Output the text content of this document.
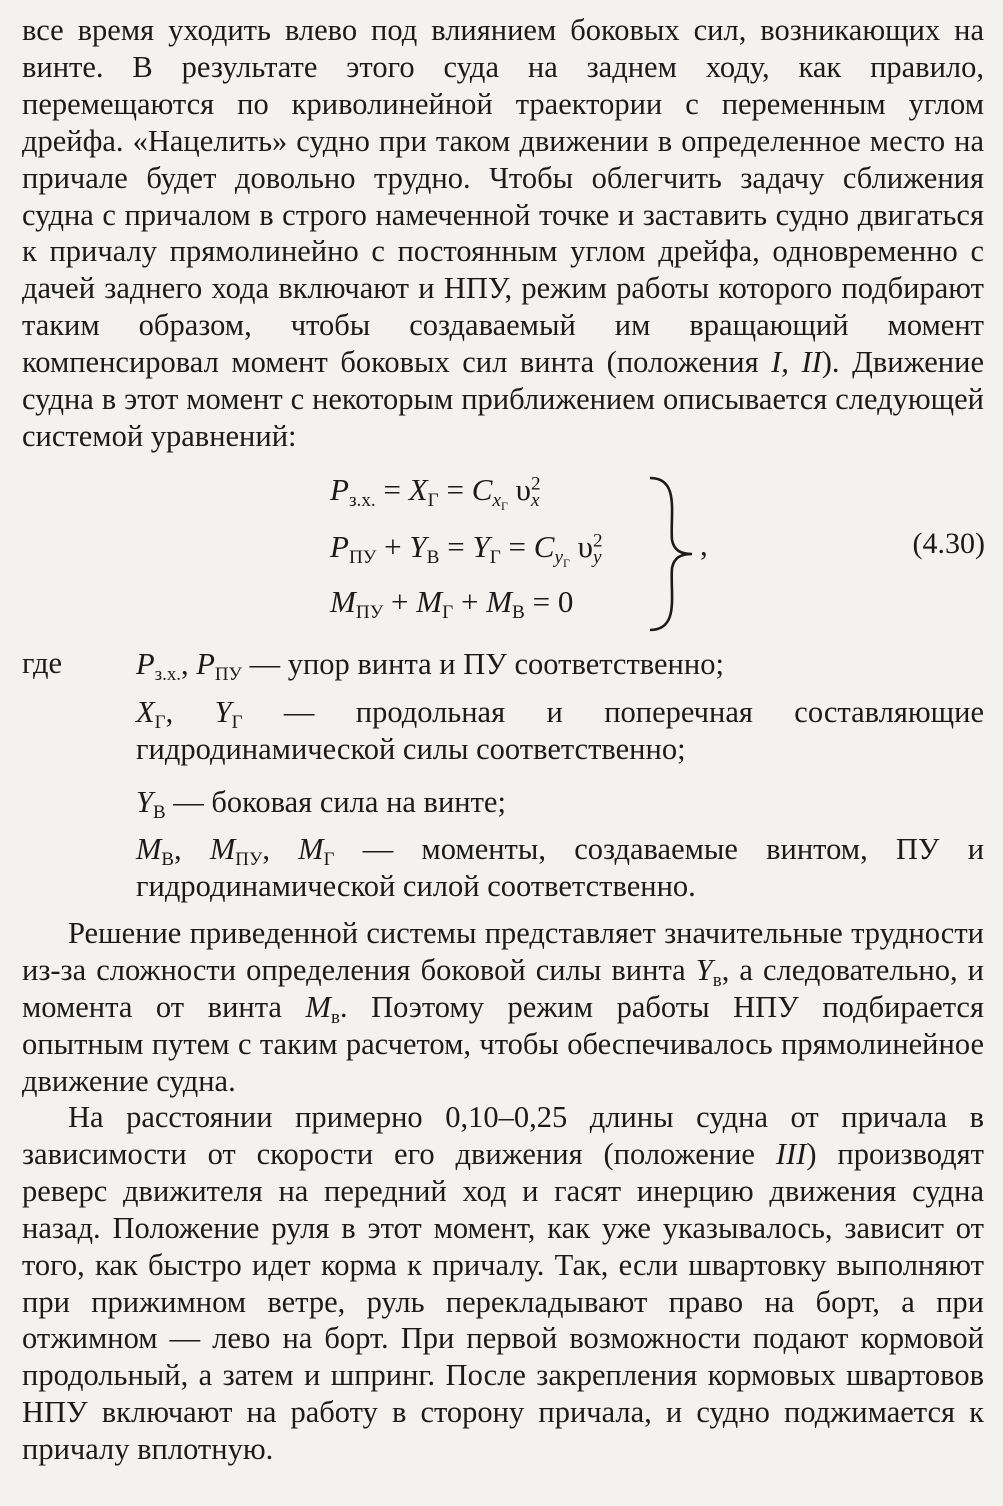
все время уходить влево под влиянием боковых сил, возникающих на винте. В результате этого суда на заднем ходу, как правило, перемещаются по криволинейной траектории с переменным углом дрейфа. «Нацелить» судно при таком движении в определенное место на причале будет довольно трудно. Чтобы облегчить задачу сближения судна с причалом в строго намеченной точке и заставить судно двигаться к причалу прямолинейно с постоянным углом дрейфа, одновременно с дачей заднего хода включают и НПУ, режим работы которого подбирают таким образом, чтобы создаваемый им вращающий момент компенсировал момент боковых сил винта (положения I, II). Движение судна в этот момент с некоторым приближением описывается следующей системой уравнений:

$P_{з.х.} = X_Г = C_{x_Г}$ $\upsilon^2_x$
$P_{ПУ} + Y_В = Y_Г = C_{y_Г}$ $\upsilon^2_y$
$M_{ПУ} + M_Г + M_В = 0$
,	(4.30)
где $P_{з.х.}$, $P_{ПУ}$ — упор винта и ПУ соответственно;

$X_Г$, $Y_Г$ — продольная и поперечная составляющие гидродинамической силы соответственно;

$Y_В$ — боковая сила на винте;

$M_В$, $M_{ПУ}$, $M_Г$ — моменты, создаваемые винтом, ПУ и гидродинамической силой соответственно.

Решение приведенной системы представляет значительные трудности из-за сложности определения боковой силы винта $Y_в$, а следовательно, и момента от винта $M_в$. Поэтому режим работы НПУ подбирается опытным путем с таким расчетом, чтобы обеспечивалось прямолинейное движение судна.

На расстоянии примерно 0,10–0,25 длины судна от причала в зависимости от скорости его движения (положение III) производят реверс движителя на передний ход и гасят инерцию движения судна назад. Положение руля в этот момент, как уже указывалось, зависит от того, как быстро идет корма к причалу. Так, если швартовку выполняют при прижимном ветре, руль перекладывают право на борт, а при отжимном — лево на борт. При первой возможности подают кормовой продольный, а затем и шпринг. После закрепления кормовых швартовов НПУ включают на работу в сторону причала, и судно поджимается к причалу вплотную.
